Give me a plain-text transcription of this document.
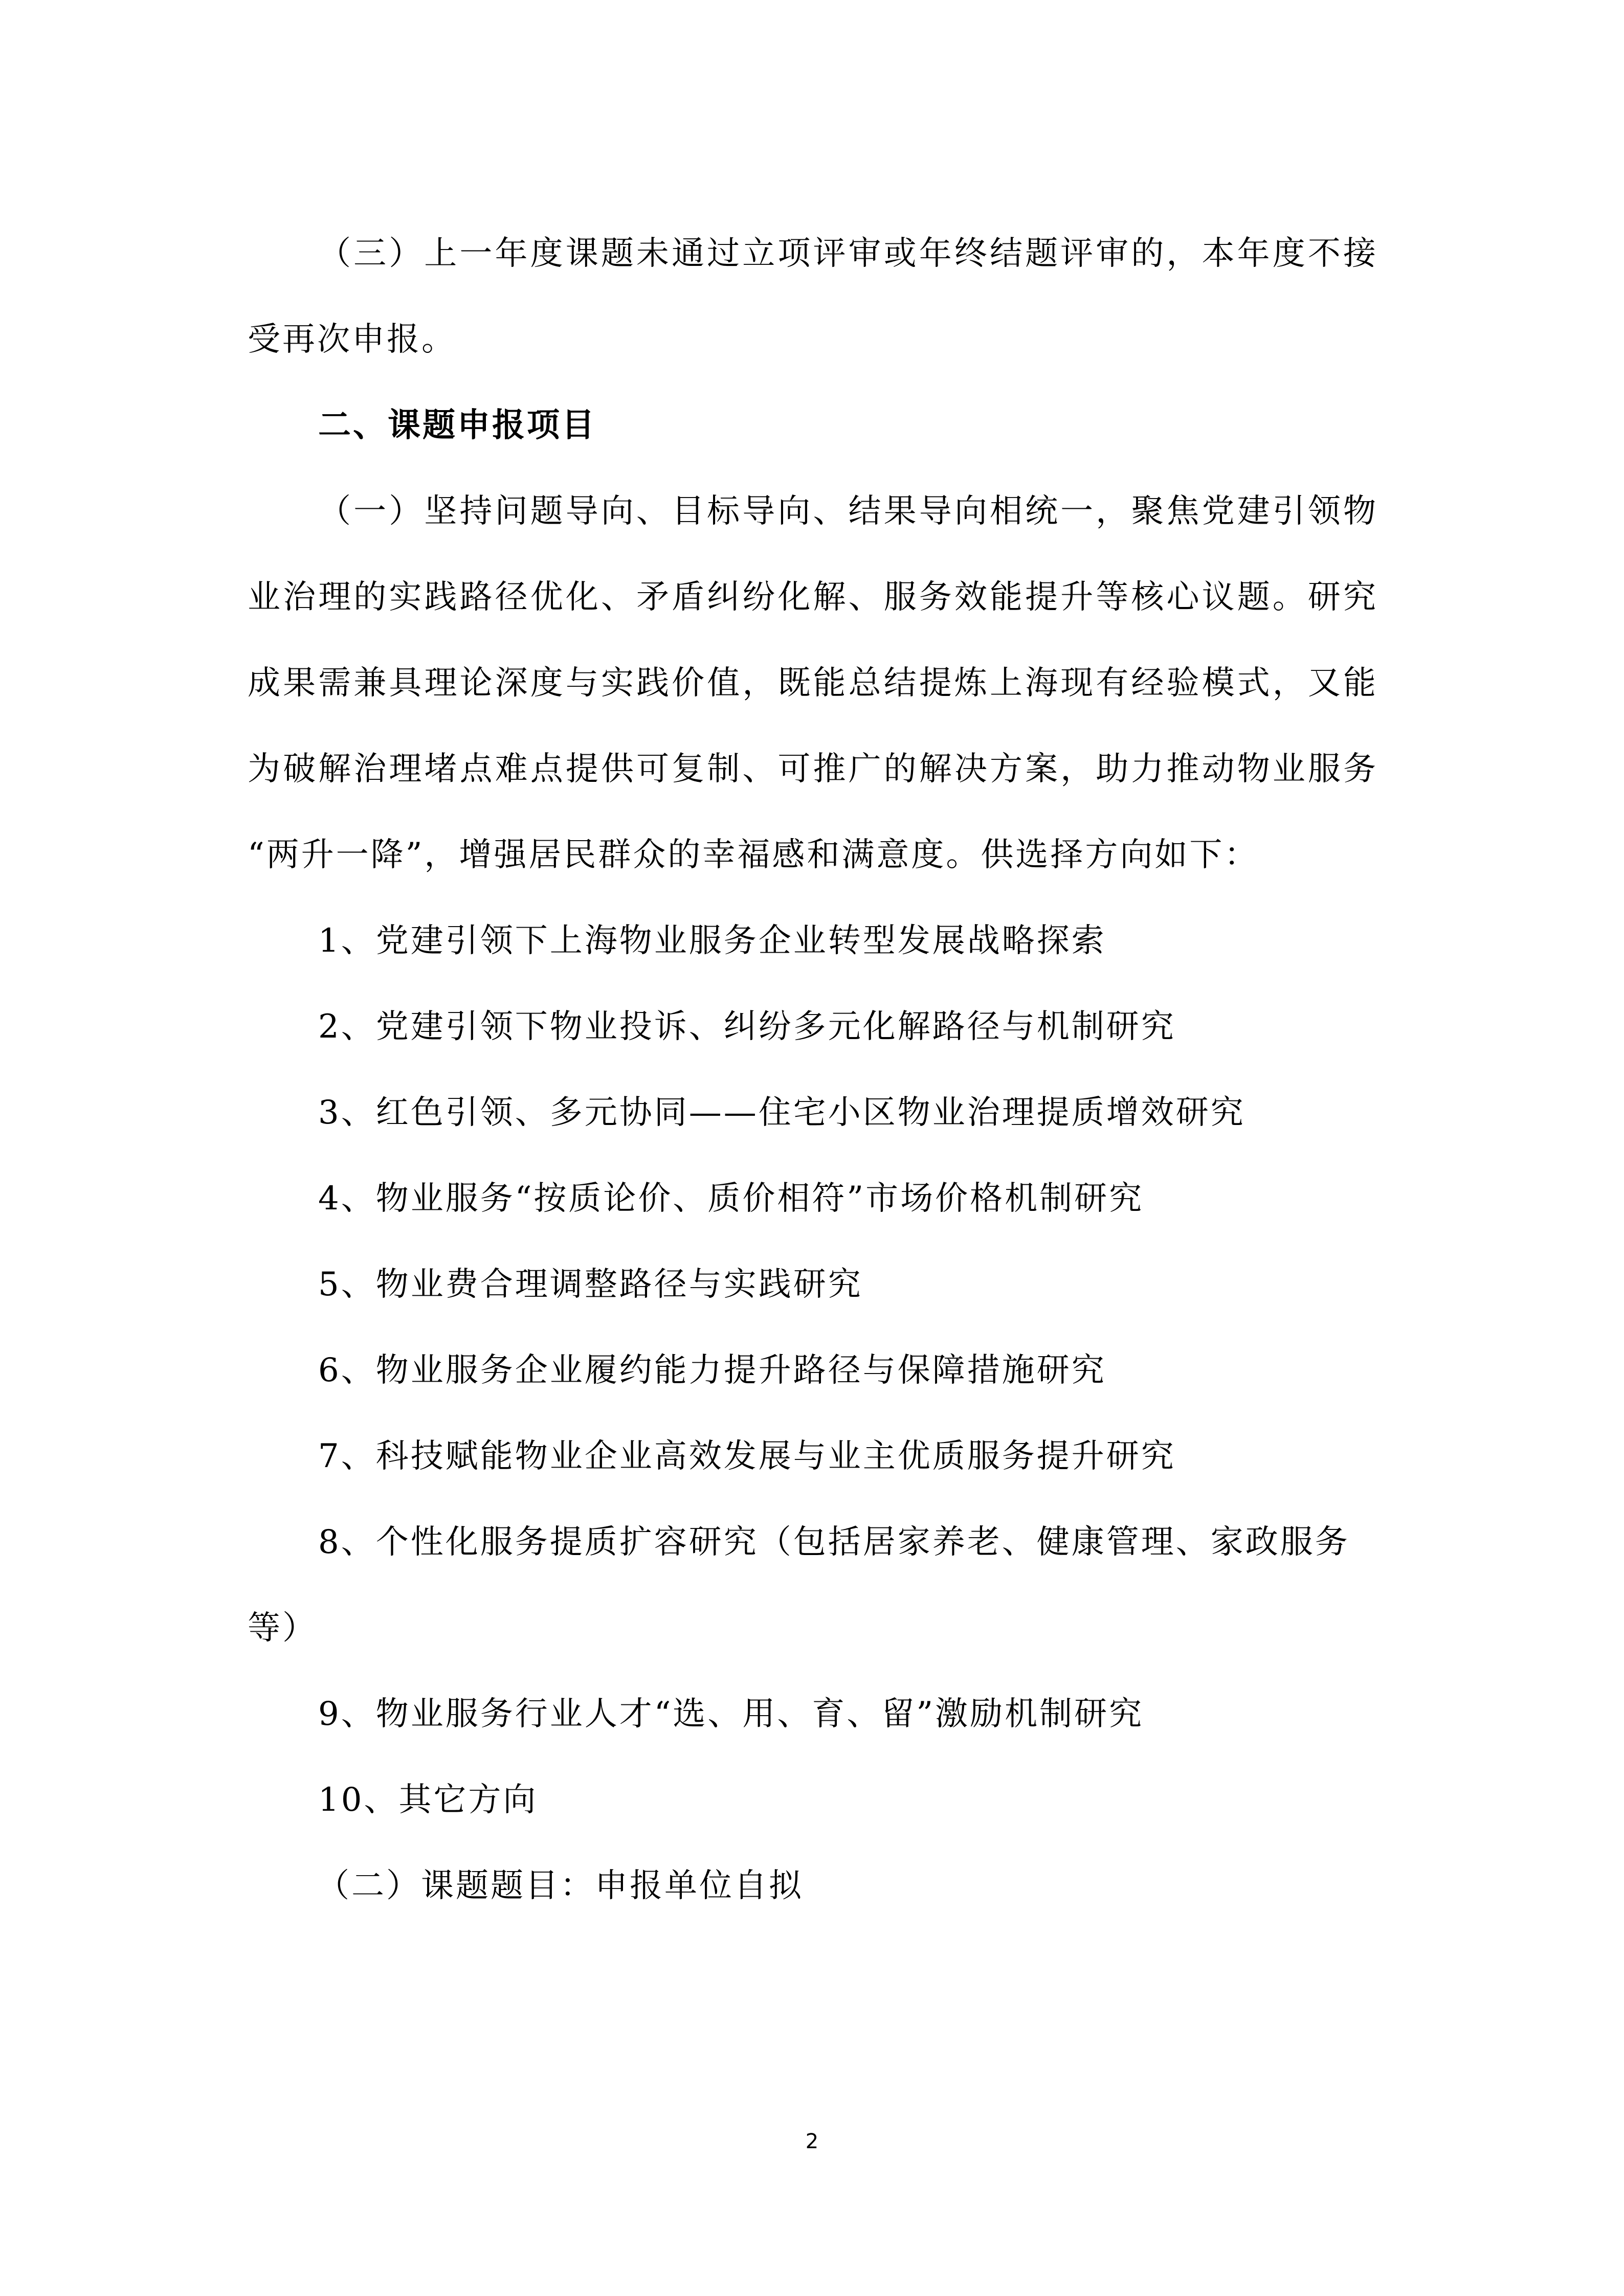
（三）上一年度课题未通过立项评审或年终结题评审的，本年度不接受再次申报。

二、课题申报项目

（一）坚持问题导向、目标导向、结果导向相统一，聚焦党建引领物业治理的实践路径优化、矛盾纠纷化解、服务效能提升等核心议题。研究成果需兼具理论深度与实践价值，既能总结提炼上海现有经验模式，又能为破解治理堵点难点提供可复制、可推广的解决方案，助力推动物业服务“两升一降”，增强居民群众的幸福感和满意度。供选择方向如下：

1、党建引领下上海物业服务企业转型发展战略探索
2、党建引领下物业投诉、纠纷多元化解路径与机制研究
3、红色引领、多元协同——住宅小区物业治理提质增效研究
4、物业服务“按质论价、质价相符”市场价格机制研究
5、物业费合理调整路径与实践研究
6、物业服务企业履约能力提升路径与保障措施研究
7、科技赋能物业企业高效发展与业主优质服务提升研究
8、个性化服务提质扩容研究（包括居家养老、健康管理、家政服务等）
9、物业服务行业人才“选、用、育、留”激励机制研究
10、其它方向

（二）课题题目：申报单位自拟

2
